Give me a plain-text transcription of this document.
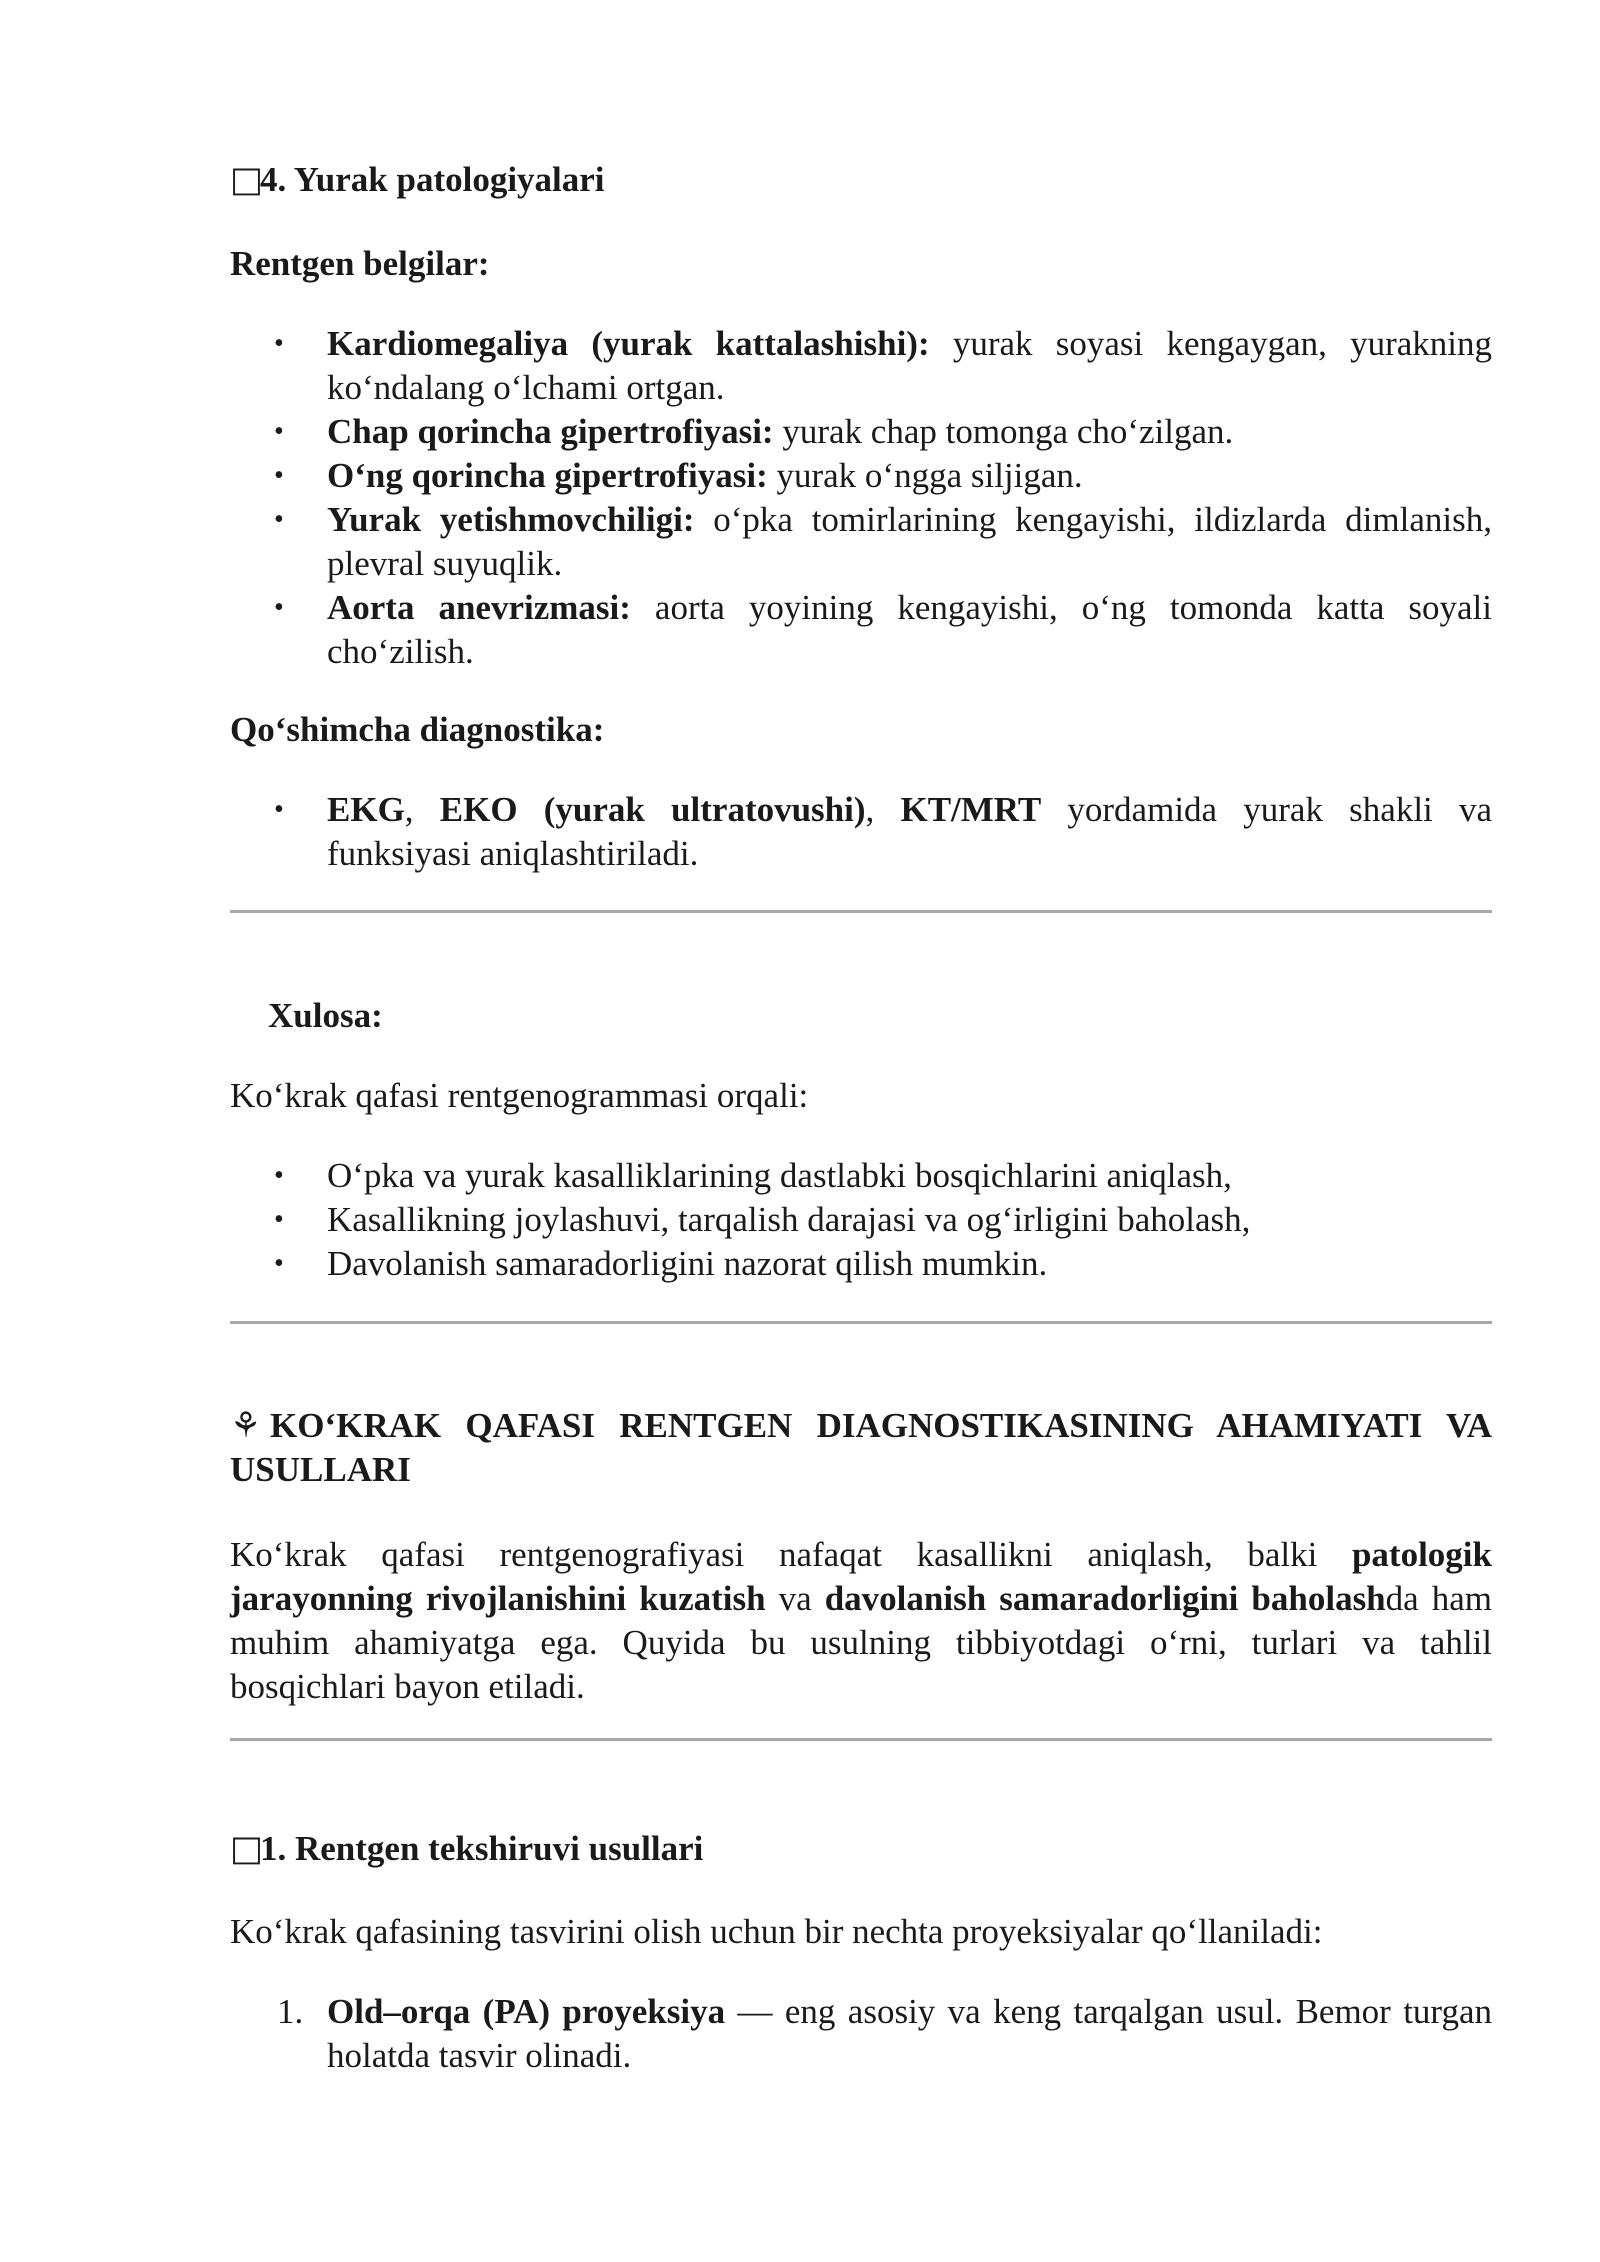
□4. Yurak patologiyalari
Rentgen belgilar:
•	Kardiomegaliya (yurak kattalashishi): yurak soyasi kengaygan, yurakning ko‘ndalang o‘lchami ortgan.
•	Chap qorincha gipertrofiyasi: yurak chap tomonga cho‘zilgan.
•	O‘ng qorincha gipertrofiyasi: yurak o‘ngga siljigan.
•	Yurak yetishmovchiligi: o‘pka tomirlarining kengayishi, ildizlarda dimlanish, plevral suyuqlik.
•	Aorta anevrizmasi: aorta yoyining kengayishi, o‘ng tomonda katta soyali cho‘zilish.
Qo‘shimcha diagnostika:
•	EKG, EKO (yurak ultratovushi), KT/MRT yordamida yurak shakli va funksiyasi aniqlashtiriladi.
Xulosa:

Ko‘krak qafasi rentgenogrammasi orqali:

•	O‘pka va yurak kasalliklarining dastlabki bosqichlarini aniqlash,
•	Kasallikning joylashuvi, tarqalish darajasi va og‘irligini baholash,
•	Davolanish samaradorligini nazorat qilish mumkin.
⚘ KO‘KRAK QAFASI RENTGEN DIAGNOSTIKASINING AHAMIYATI VA USULLARI

Ko‘krak qafasi rentgenografiyasi nafaqat kasallikni aniqlash, balki patologik jarayonning rivojlanishini kuzatish va davolanish samaradorligini baholashda ham muhim ahamiyatga ega. Quyida bu usulning tibbiyotdagi o‘rni, turlari va tahlil bosqichlari bayon etiladi.

□1. Rentgen tekshiruvi usullari

Ko‘krak qafasining tasvirini olish uchun bir nechta proyeksiyalar qo‘llaniladi:

1. Old–orqa (PA) proyeksiya — eng asosiy va keng tarqalgan usul. Bemor turgan holatda tasvir olinadi.
